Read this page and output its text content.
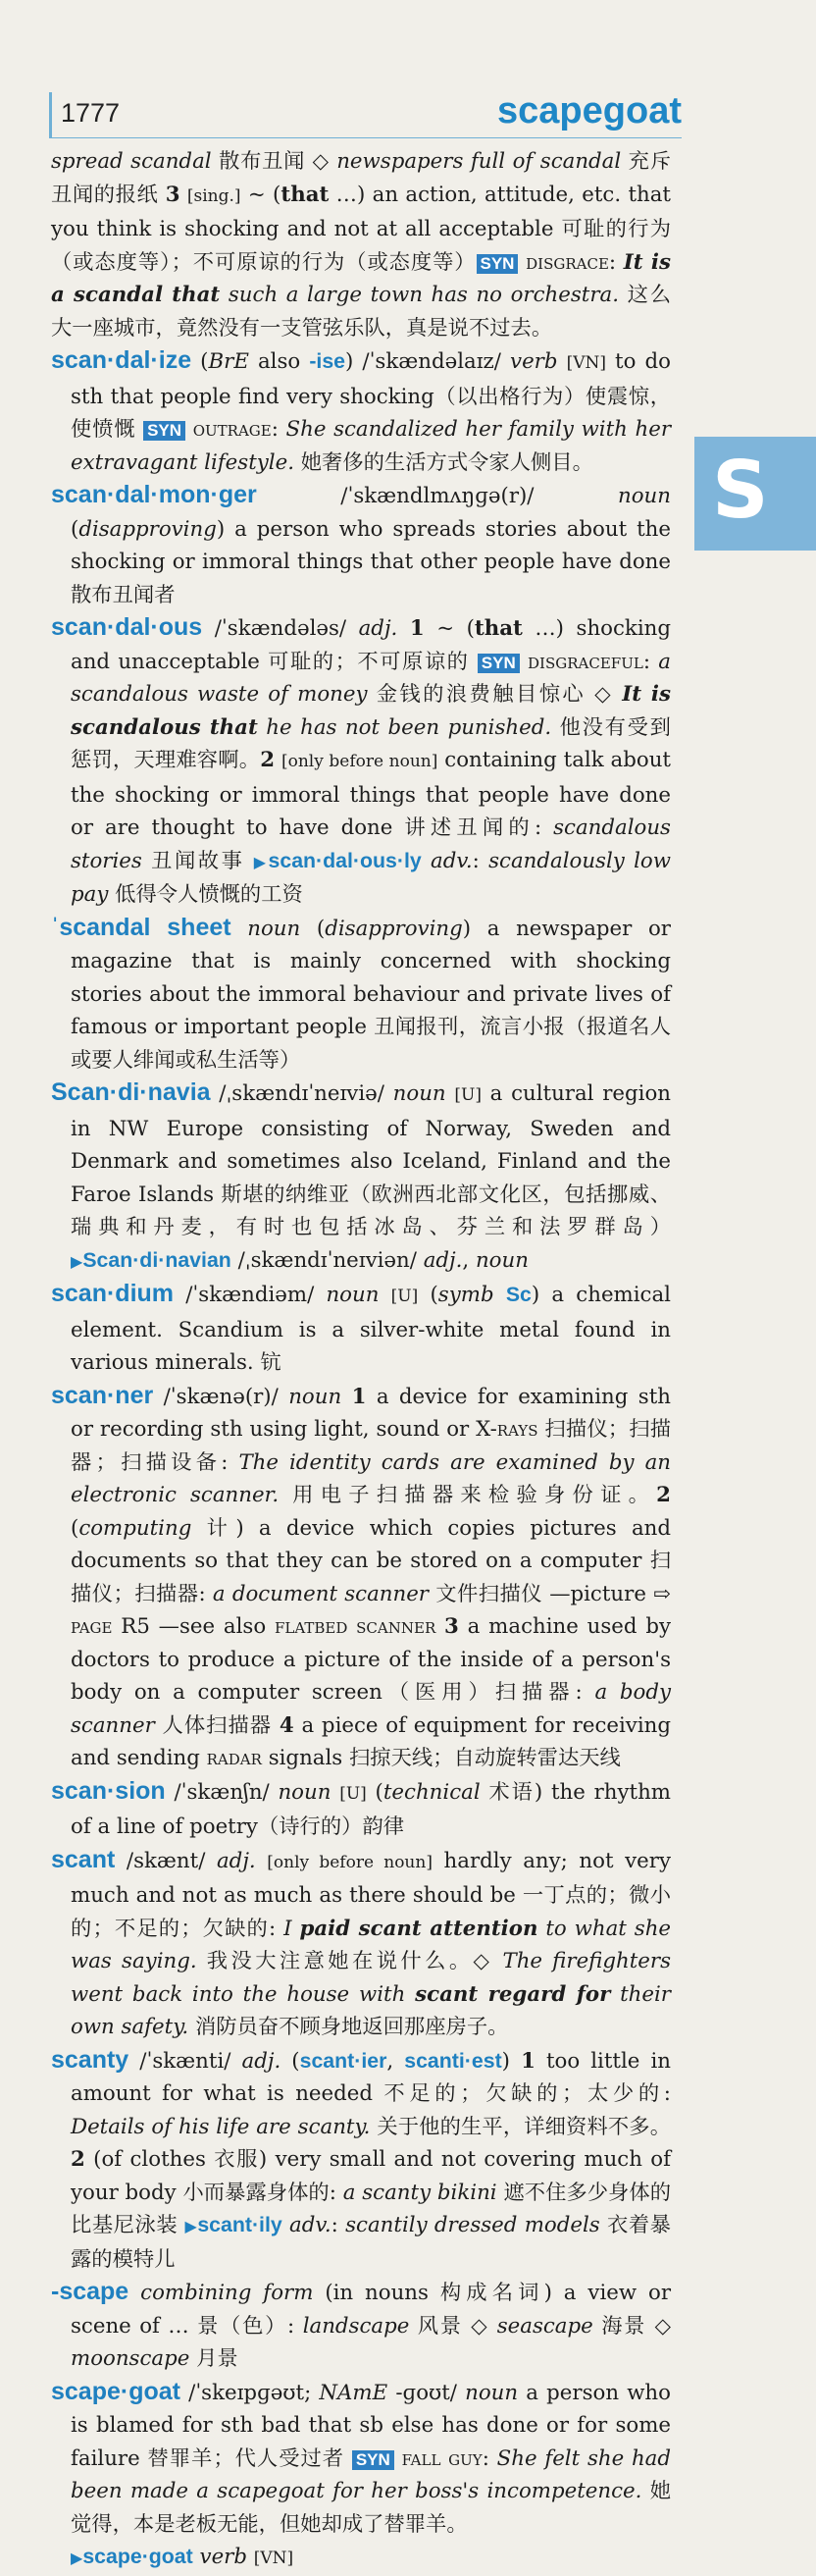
1777	scapegoat
S

spread scandal 散布丑闻 ◇ newspapers full of scandal 充斥丑闻的报纸 3 [sing.] ~ (that …) an action, attitude, etc. that you think is shocking and not at all acceptable 可耻的行为（或态度等）；不可原谅的行为（或态度等） SYN disgrace: It is a scandal that such a large town has no orchestra. 这么大一座城市，竟然没有一支管弦乐队，真是说不过去。

scan·dal·ize (BrE also -ise) /ˈskændəlaɪz/ verb [VN] to do sth that people find very shocking（以出格行为）使震惊，使愤慨 SYN outrage: She scandalized her family with her extravagant lifestyle. 她奢侈的生活方式令家人侧目。

scan·dal·mon·ger /ˈskændlmʌŋɡə(r)/ noun (disapproving) a person who spreads stories about the shocking or immoral things that other people have done 散布丑闻者

scan·dal·ous /ˈskændələs/ adj. 1 ~ (that …) shocking and unacceptable 可耻的；不可原谅的 SYN disgraceful: a scandalous waste of money 金钱的浪费触目惊心 ◇ It is scandalous that he has not been punished. 他没有受到惩罚，天理难容啊。2 [only before noun] containing talk about the shocking or immoral things that people have done or are thought to have done 讲述丑闻的: scandalous stories 丑闻故事 ▶scan·dal·ous·ly adv.: scandalously low pay 低得令人愤慨的工资

ˈscandal sheet noun (disapproving) a newspaper or magazine that is mainly concerned with shocking stories about the immoral behaviour and private lives of famous or important people 丑闻报刊，流言小报（报道名人或要人绯闻或私生活等）

Scan·di·navia /ˌskændɪˈneɪviə/ noun [U] a cultural region in NW Europe consisting of Norway, Sweden and Denmark and sometimes also Iceland, Finland and the Faroe Islands 斯堪的纳维亚（欧洲西北部文化区，包括挪威、瑞典和丹麦，有时也包括冰岛、芬兰和法罗群岛）▶Scan·di·navian /ˌskændɪˈneɪviən/ adj., noun

scan·dium /ˈskændiəm/ noun [U] (symb Sc) a chemical element. Scandium is a silver-white metal found in various minerals. 钪

scan·ner /ˈskænə(r)/ noun 1 a device for examining sth or recording sth using light, sound or X-rays 扫描仪；扫描器；扫描设备: The identity cards are examined by an electronic scanner. 用电子扫描器来检验身份证。2 (computing 计) a device which copies pictures and documents so that they can be stored on a computer 扫描仪；扫描器: a document scanner 文件扫描仪 —picture ⇨ page R5 —see also flatbed scanner 3 a machine used by doctors to produce a picture of the inside of a person's body on a computer screen（医用）扫描器: a body scanner 人体扫描器 4 a piece of equipment for receiving and sending radar signals 扫掠天线；自动旋转雷达天线

scan·sion /ˈskænʃn/ noun [U] (technical 术语) the rhythm of a line of poetry（诗行的）韵律

scant /skænt/ adj. [only before noun] hardly any; not very much and not as much as there should be 一丁点的；微小的；不足的；欠缺的: I paid scant attention to what she was saying. 我没大注意她在说什么。◇ The firefighters went back into the house with scant regard for their own safety. 消防员奋不顾身地返回那座房子。

scanty /ˈskænti/ adj. (scant·ier, scanti·est) 1 too little in amount for what is needed 不足的；欠缺的；太少的: Details of his life are scanty. 关于他的生平，详细资料不多。2 (of clothes 衣服) very small and not covering much of your body 小而暴露身体的: a scanty bikini 遮不住多少身体的比基尼泳装 ▶scant·ily adv.: scantily dressed models 衣着暴露的模特儿

-scape combining form (in nouns 构成名词) a view or scene of … 景（色）: landscape 风景 ◇ seascape 海景 ◇ moonscape 月景

scape·goat /ˈskeɪpɡəʊt; NAmE -ɡoʊt/ noun a person who is blamed for sth bad that sb else has done or for some failure 替罪羊；代人受过者 SYN fall guy: She felt she had been made a scapegoat for her boss's incompetence. 她觉得，本是老板无能，但她却成了替罪羊。
▶scape·goat verb [VN]
